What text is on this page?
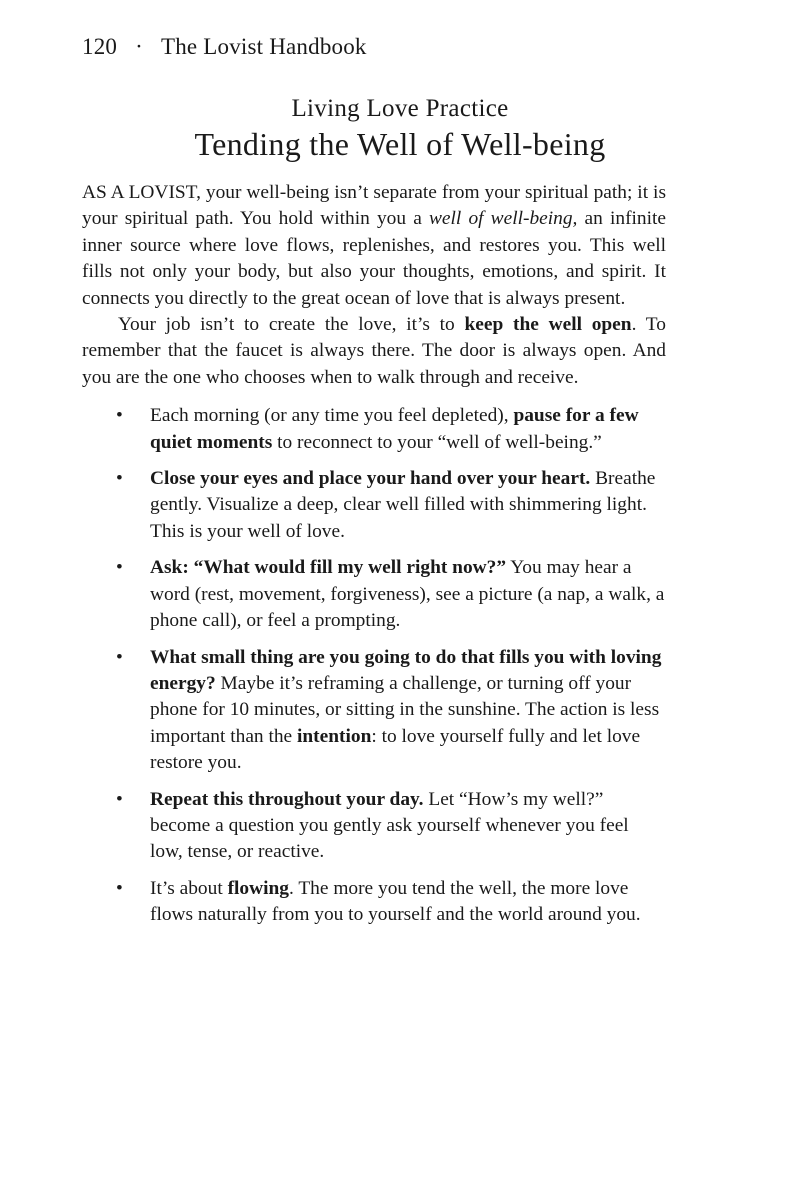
120 · The Lovist Handbook
Living Love Practice
Tending the Well of Well-being

AS A LOVIST, your well-being isn’t separate from your spiritual path; it is your spiritual path. You hold within you a well of well-being, an infinite inner source where love flows, replenishes, and restores you. This well fills not only your body, but also your thoughts, emotions, and spirit. It connects you directly to the great ocean of love that is always present.

Your job isn’t to create the love, it’s to keep the well open. To remember that the faucet is always there. The door is always open. And you are the one who chooses when to walk through and receive.

• Each morning (or any time you feel depleted), pause for a few quiet moments to reconnect to your “well of well-being.”
• Close your eyes and place your hand over your heart. Breathe gently. Visualize a deep, clear well filled with shimmering light. This is your well of love.
• Ask: “What would fill my well right now?” You may hear a word (rest, movement, forgiveness), see a picture (a nap, a walk, a phone call), or feel a prompting.
• What small thing are you going to do that fills you with loving energy? Maybe it’s reframing a challenge, or turning off your phone for 10 minutes, or sitting in the sunshine. The action is less important than the intention: to love yourself fully and let love restore you.
• Repeat this throughout your day. Let “How’s my well?” become a question you gently ask yourself whenever you feel low, tense, or reactive.
• It’s about flowing. The more you tend the well, the more love flows naturally from you to yourself and the world around you.
